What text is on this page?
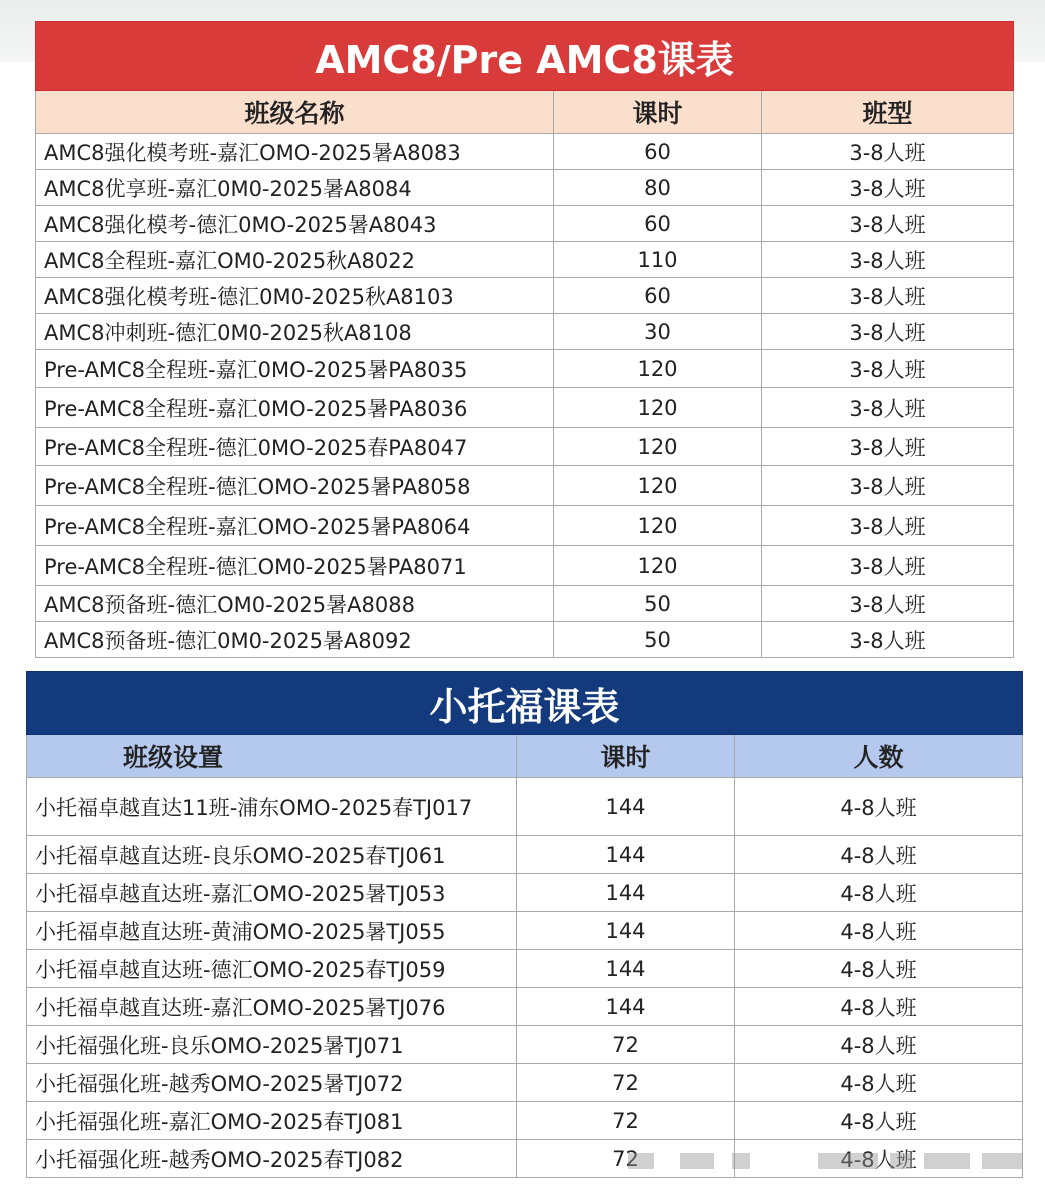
AMC8/Pre AMC8课表		
班级名称	课时	班型
AMC8强化模考班-嘉汇OMO-2025暑A8083	60	3-8人班
AMC8优享班-嘉汇0M0-2025暑A8084	80	3-8人班
AMC8强化模考-德汇0MO-2025暑A8043	60	3-8人班
AMC8全程班-嘉汇OM0-2025秋A8022	110	3-8人班
AMC8强化模考班-德汇0M0-2025秋A8103	60	3-8人班
AMC8冲刺班-德汇0M0-2025秋A8108	30	3-8人班
Pre-AMC8全程班-嘉汇0MO-2025暑PA8035	120	3-8人班
Pre-AMC8全程班-嘉汇0MO-2025暑PA8036	120	3-8人班
Pre-AMC8全程班-德汇0MO-2025春PA8047	120	3-8人班
Pre-AMC8全程班-德汇OMO-2025暑PA8058	120	3-8人班
Pre-AMC8全程班-嘉汇OMO-2025暑PA8064	120	3-8人班
Pre-AMC8全程班-德汇OM0-2025暑PA8071	120	3-8人班
AMC8预备班-德汇OM0-2025暑A8088	50	3-8人班
AMC8预备班-德汇0M0-2025暑A8092	50	3-8人班
小托福课表		
班级设置	课时	人数
小托福卓越直达11班-浦东OMO-2025春TJ017	144	4-8人班
小托福卓越直达班-良乐OMO-2025春TJ061	144	4-8人班
小托福卓越直达班-嘉汇OMO-2025暑TJ053	144	4-8人班
小托福卓越直达班-黄浦OMO-2025暑TJ055	144	4-8人班
小托福卓越直达班-德汇OMO-2025春TJ059	144	4-8人班
小托福卓越直达班-嘉汇OMO-2025暑TJ076	144	4-8人班
小托福强化班-良乐OMO-2025暑TJ071	72	4-8人班
小托福强化班-越秀OMO-2025暑TJ072	72	4-8人班
小托福强化班-嘉汇OMO-2025春TJ081	72	4-8人班
小托福强化班-越秀OMO-2025春TJ082	72	4-8人班
